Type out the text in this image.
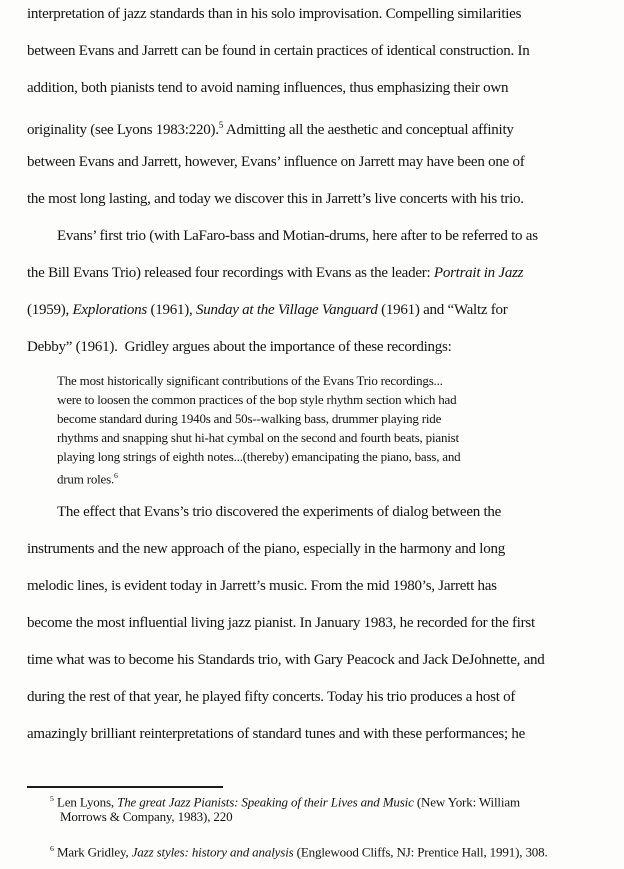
interpretation of jazz standards than in his solo improvisation. Compelling similarities
between Evans and Jarrett can be found in certain practices of identical construction. In
addition, both pianists tend to avoid naming influences, thus emphasizing their own
originality (see Lyons 1983:220).$^5$ Admitting all the aesthetic and conceptual affinity
between Evans and Jarrett, however, Evans’ influence on Jarrett may have been one of
the most long lasting, and today we discover this in Jarrett’s live concerts with his trio.
Evans’ first trio (with LaFaro-bass and Motian-drums, here after to be referred to as
the Bill Evans Trio) released four recordings with Evans as the leader: Portrait in Jazz
(1959), Explorations (1961), Sunday at the Village Vanguard (1961) and “Waltz for
Debby” (1961).  Gridley argues about the importance of these recordings:
The most historically significant contributions of the Evans Trio recordings...
were to loosen the common practices of the bop style rhythm section which had
become standard during 1940s and 50s--walking bass, drummer playing ride
rhythms and snapping shut hi-hat cymbal on the second and fourth beats, pianist
playing long strings of eighth notes...(thereby) emancipating the piano, bass, and
drum roles.$^6$
The effect that Evans’s trio discovered the experiments of dialog between the
instruments and the new approach of the piano, especially in the harmony and long
melodic lines, is evident today in Jarrett’s music. From the mid 1980’s, Jarrett has
become the most influential living jazz pianist. In January 1983, he recorded for the first
time what was to become his Standards trio, with Gary Peacock and Jack DeJohnette, and
during the rest of that year, he played fifty concerts. Today his trio produces a host of
amazingly brilliant reinterpretations of standard tunes and with these performances; he
$^5$ Len Lyons, The great Jazz Pianists: Speaking of their Lives and Music (New York: William
Morrows & Company, 1983), 220
$^6$ Mark Gridley, Jazz styles: history and analysis (Englewood Cliffs, NJ: Prentice Hall, 1991), 308.
